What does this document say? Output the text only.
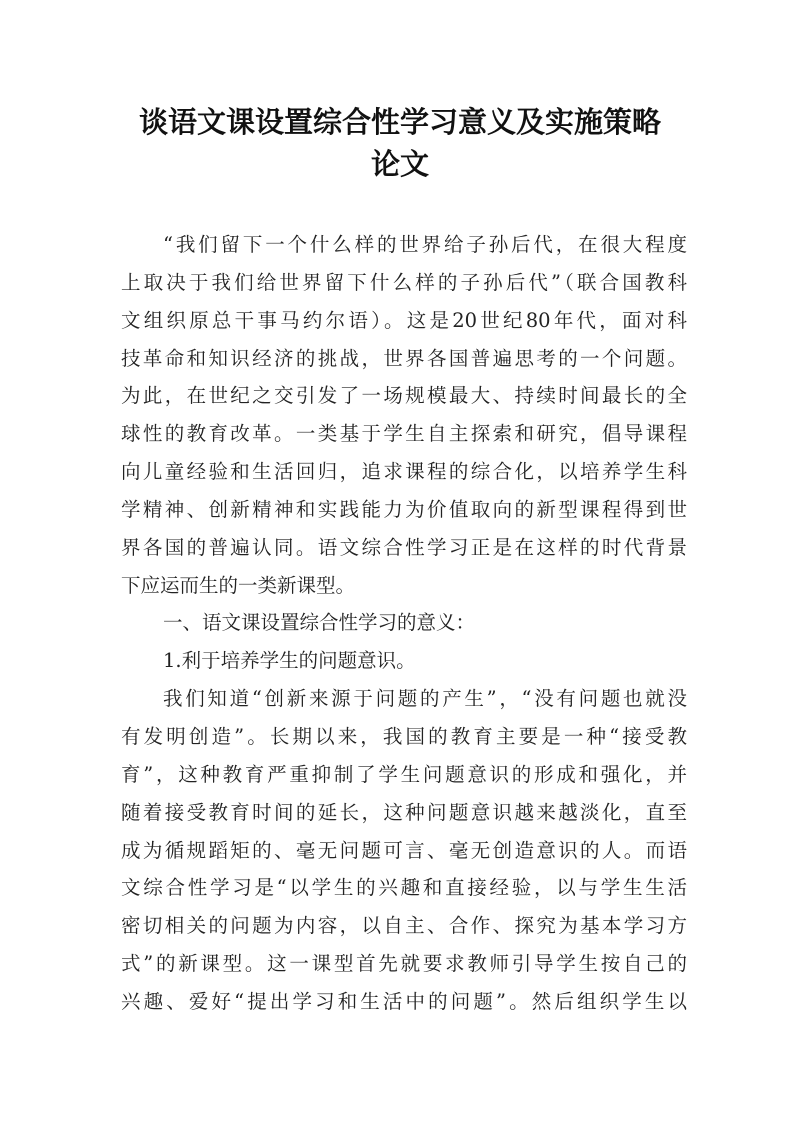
谈语文课设置综合性学习意义及实施策略
论文
“我们留下一个什么样的世界给子孙后代，在很大程度
上取决于我们给世界留下什么样的子孙后代”（联合国教科
文组织原总干事马约尔语）。这是20世纪80年代，面对科
技革命和知识经济的挑战，世界各国普遍思考的一个问题。
为此，在世纪之交引发了一场规模最大、持续时间最长的全
球性的教育改革。一类基于学生自主探索和研究，倡导课程
向儿童经验和生活回归，追求课程的综合化，以培养学生科
学精神、创新精神和实践能力为价值取向的新型课程得到世
界各国的普遍认同。语文综合性学习正是在这样的时代背景
下应运而生的一类新课型。
一、语文课设置综合性学习的意义：
1.利于培养学生的问题意识。
我们知道“创新来源于问题的产生”，“没有问题也就没
有发明创造”。长期以来，我国的教育主要是一种“接受教
育”，这种教育严重抑制了学生问题意识的形成和强化，并
随着接受教育时间的延长，这种问题意识越来越淡化，直至
成为循规蹈矩的、毫无问题可言、毫无创造意识的人。而语
文综合性学习是“以学生的兴趣和直接经验，以与学生生活
密切相关的问题为内容，以自主、合作、探究为基本学习方
式”的新课型。这一课型首先就要求教师引导学生按自己的
兴趣、爱好“提出学习和生活中的问题”。然后组织学生以
